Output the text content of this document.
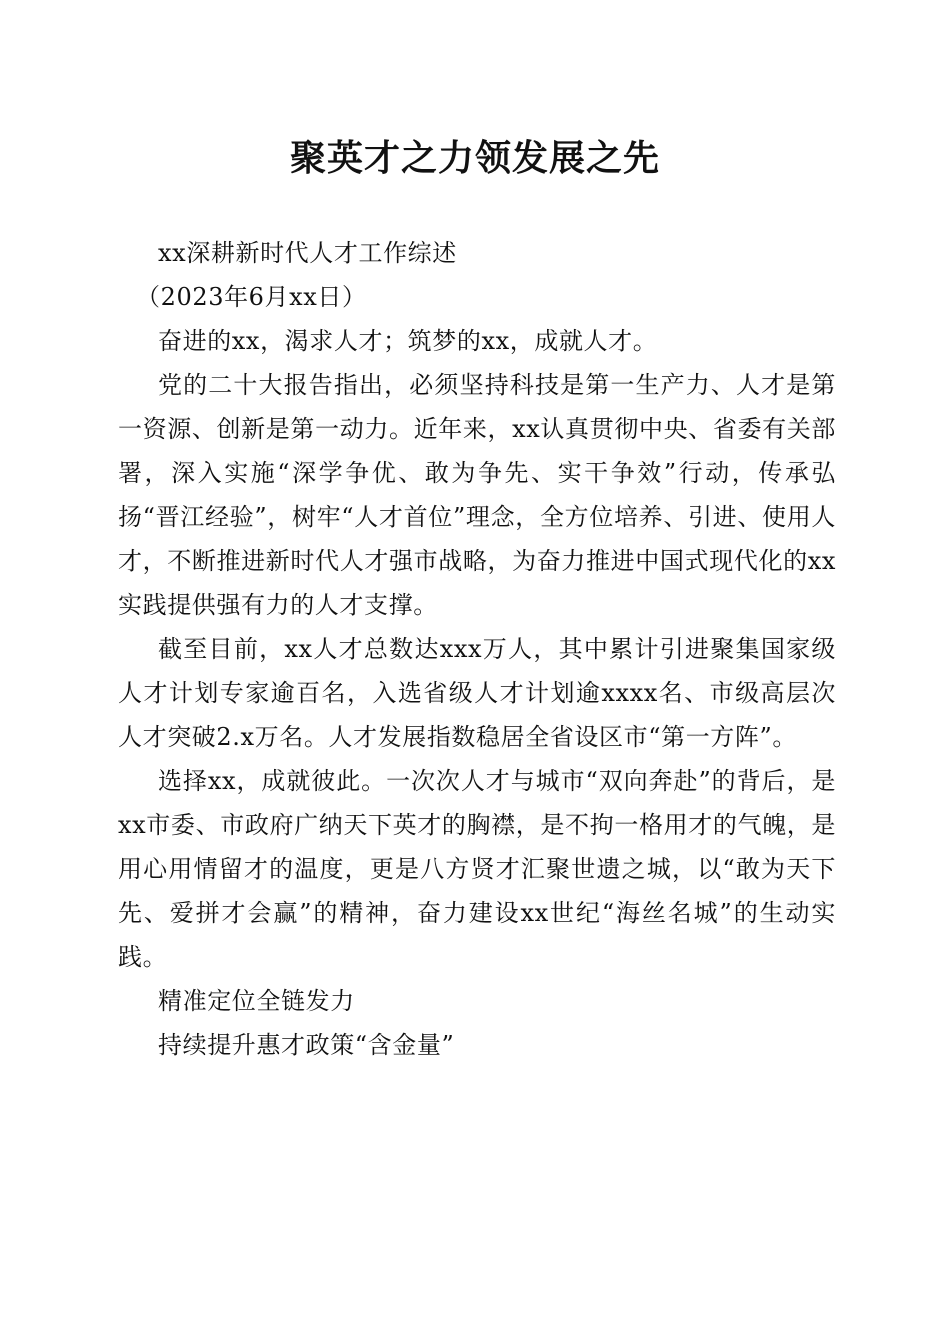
聚英才之力领发展之先

xx深耕新时代人才工作综述

（2023年6月xx日）

奋进的xx，渴求人才；筑梦的xx，成就人才。

党的二十大报告指出，必须坚持科技是第一生产力、人才是第一资源、创新是第一动力。近年来，xx认真贯彻中央、省委有关部署，深入实施“深学争优、敢为争先、实干争效”行动，传承弘扬“晋江经验”，树牢“人才首位”理念，全方位培养、引进、使用人才，不断推进新时代人才强市战略，为奋力推进中国式现代化的xx实践提供强有力的人才支撑。

截至目前，xx人才总数达xxx万人，其中累计引进聚集国家级人才计划专家逾百名，入选省级人才计划逾xxxx名、市级高层次人才突破2.x万名。人才发展指数稳居全省设区市“第一方阵”。

选择xx，成就彼此。一次次人才与城市“双向奔赴”的背后，是xx市委、市政府广纳天下英才的胸襟，是不拘一格用才的气魄，是用心用情留才的温度，更是八方贤才汇聚世遗之城，以“敢为天下先、爱拼才会赢”的精神，奋力建设xx世纪“海丝名城”的生动实践。

精准定位全链发力

持续提升惠才政策“含金量”
